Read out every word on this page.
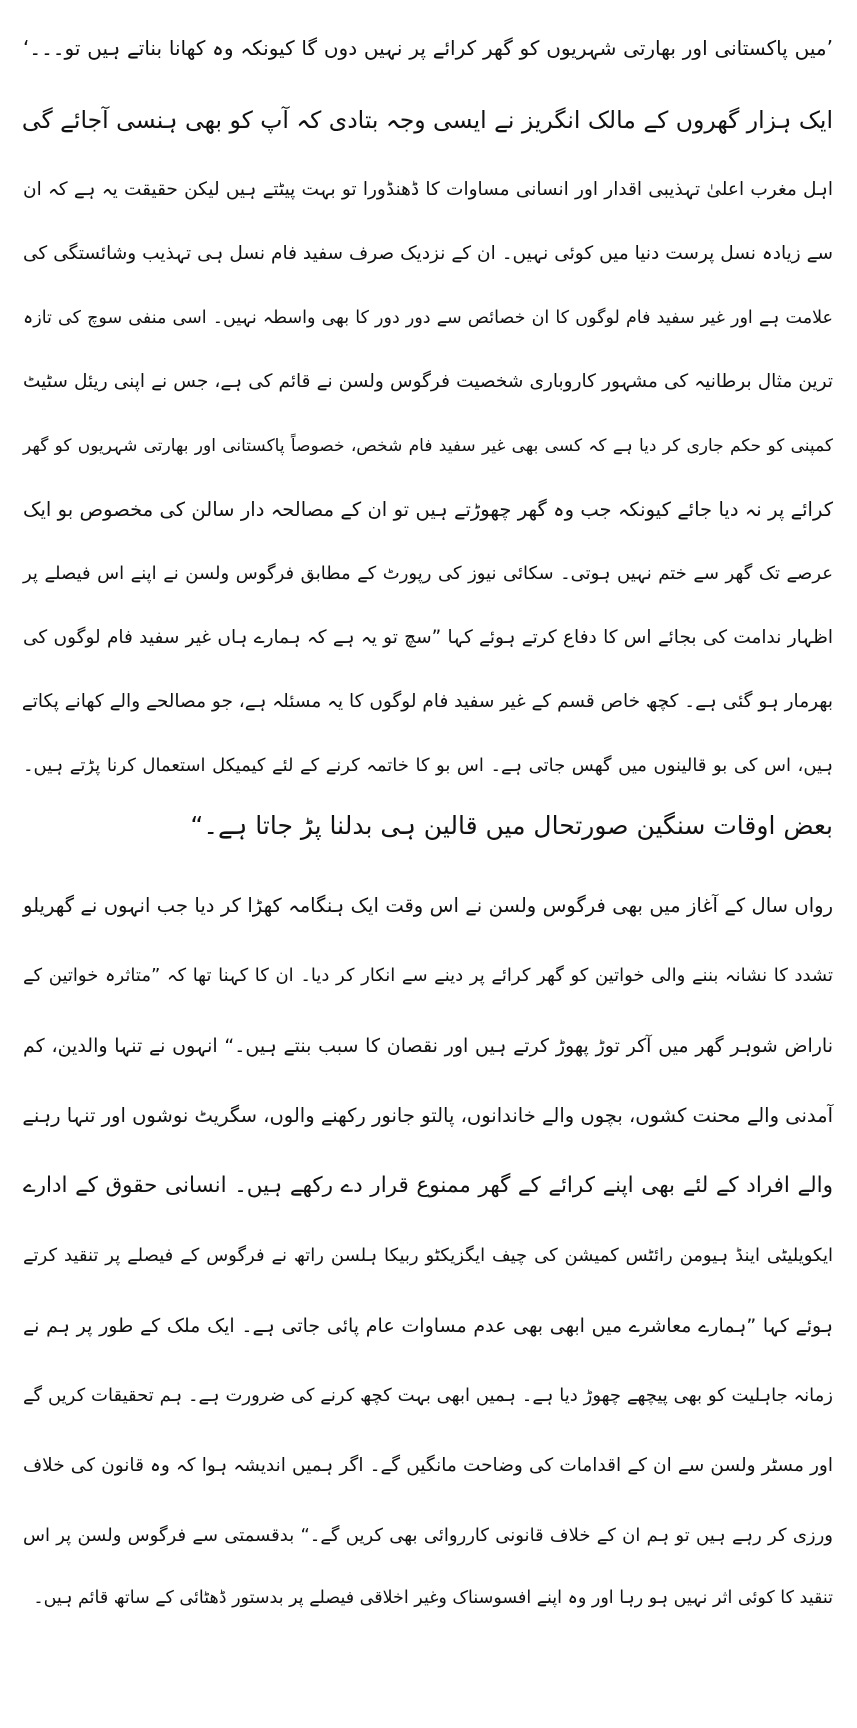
’میں پاکستانی اور بھارتی شہریوں کو گھر کرائے پر نہیں دوں گا کیونکہ وہ کھانا بناتے ہیں تو۔۔۔‘
ایک ہزار گھروں کے مالک انگریز نے ایسی وجہ بتادی کہ آپ کو بھی ہنسی آجائے گی
اہل مغرب اعلیٰ تہذیبی اقدار اور انسانی مساوات کا ڈھنڈورا تو بہت پیٹتے ہیں لیکن حقیقت یہ ہے کہ ان
سے زیادہ نسل پرست دنیا میں کوئی نہیں۔ ان کے نزدیک صرف سفید فام نسل ہی تہذیب وشائستگی کی
علامت ہے اور غیر سفید فام لوگوں کا ان خصائص سے دور دور کا بھی واسطہ نہیں۔ اسی منفی سوچ کی تازہ
ترین مثال برطانیہ کی مشہور کاروباری شخصیت فرگوس ولسن نے قائم کی ہے، جس نے اپنی ریئل سٹیٹ
کمپنی کو حکم جاری کر دیا ہے کہ کسی بھی غیر سفید فام شخص، خصوصاً پاکستانی اور بھارتی شہریوں کو گھر
کرائے پر نہ دیا جائے کیونکہ جب وہ گھر چھوڑتے ہیں تو ان کے مصالحہ دار سالن کی مخصوص بو ایک
عرصے تک گھر سے ختم نہیں ہوتی۔ سکائی نیوز کی رپورٹ کے مطابق فرگوس ولسن نے اپنے اس فیصلے پر
اظہار ندامت کی بجائے اس کا دفاع کرتے ہوئے کہا ”سچ تو یہ ہے کہ ہمارے ہاں غیر سفید فام لوگوں کی
بھرمار ہو گئی ہے۔ کچھ خاص قسم کے غیر سفید فام لوگوں کا یہ مسئلہ ہے، جو مصالحے والے کھانے پکاتے
ہیں، اس کی بو قالینوں میں گھس جاتی ہے۔ اس بو کا خاتمہ کرنے کے لئے کیمیکل استعمال کرنا پڑتے ہیں۔
بعض اوقات سنگین صورتحال میں قالین ہی بدلنا پڑ جاتا ہے۔“
رواں سال کے آغاز میں بھی فرگوس ولسن نے اس وقت ایک ہنگامہ کھڑا کر دیا جب انہوں نے گھریلو
تشدد کا نشانہ بننے والی خواتین کو گھر کرائے پر دینے سے انکار کر دیا۔ ان کا کہنا تھا کہ ”متاثرہ خواتین کے
ناراض شوہر گھر میں آکر توڑ پھوڑ کرتے ہیں اور نقصان کا سبب بنتے ہیں۔“ انہوں نے تنہا والدین، کم
آمدنی والے محنت کشوں، بچوں والے خاندانوں، پالتو جانور رکھنے والوں، سگریٹ نوشوں اور تنہا رہنے
والے افراد کے لئے بھی اپنے کرائے کے گھر ممنوع قرار دے رکھے ہیں۔ انسانی حقوق کے ادارے
ایکویلیٹی اینڈ ہیومن رائٹس کمیشن کی چیف ایگزیکٹو ربیکا ہلسن راتھ نے فرگوس کے فیصلے پر تنقید کرتے
ہوئے کہا ”ہمارے معاشرے میں ابھی بھی عدم مساوات عام پائی جاتی ہے۔ ایک ملک کے طور پر ہم نے
زمانہ جاہلیت کو بھی پیچھے چھوڑ دیا ہے۔ ہمیں ابھی بہت کچھ کرنے کی ضرورت ہے۔ ہم تحقیقات کریں گے
اور مسٹر ولسن سے ان کے اقدامات کی وضاحت مانگیں گے۔ اگر ہمیں اندیشہ ہوا کہ وہ قانون کی خلاف
ورزی کر رہے ہیں تو ہم ان کے خلاف قانونی کارروائی بھی کریں گے۔“ بدقسمتی سے فرگوس ولسن پر اس
تنقید کا کوئی اثر نہیں ہو رہا اور وہ اپنے افسوسناک وغیر اخلاقی فیصلے پر بدستور ڈھٹائی کے ساتھ قائم ہیں۔
